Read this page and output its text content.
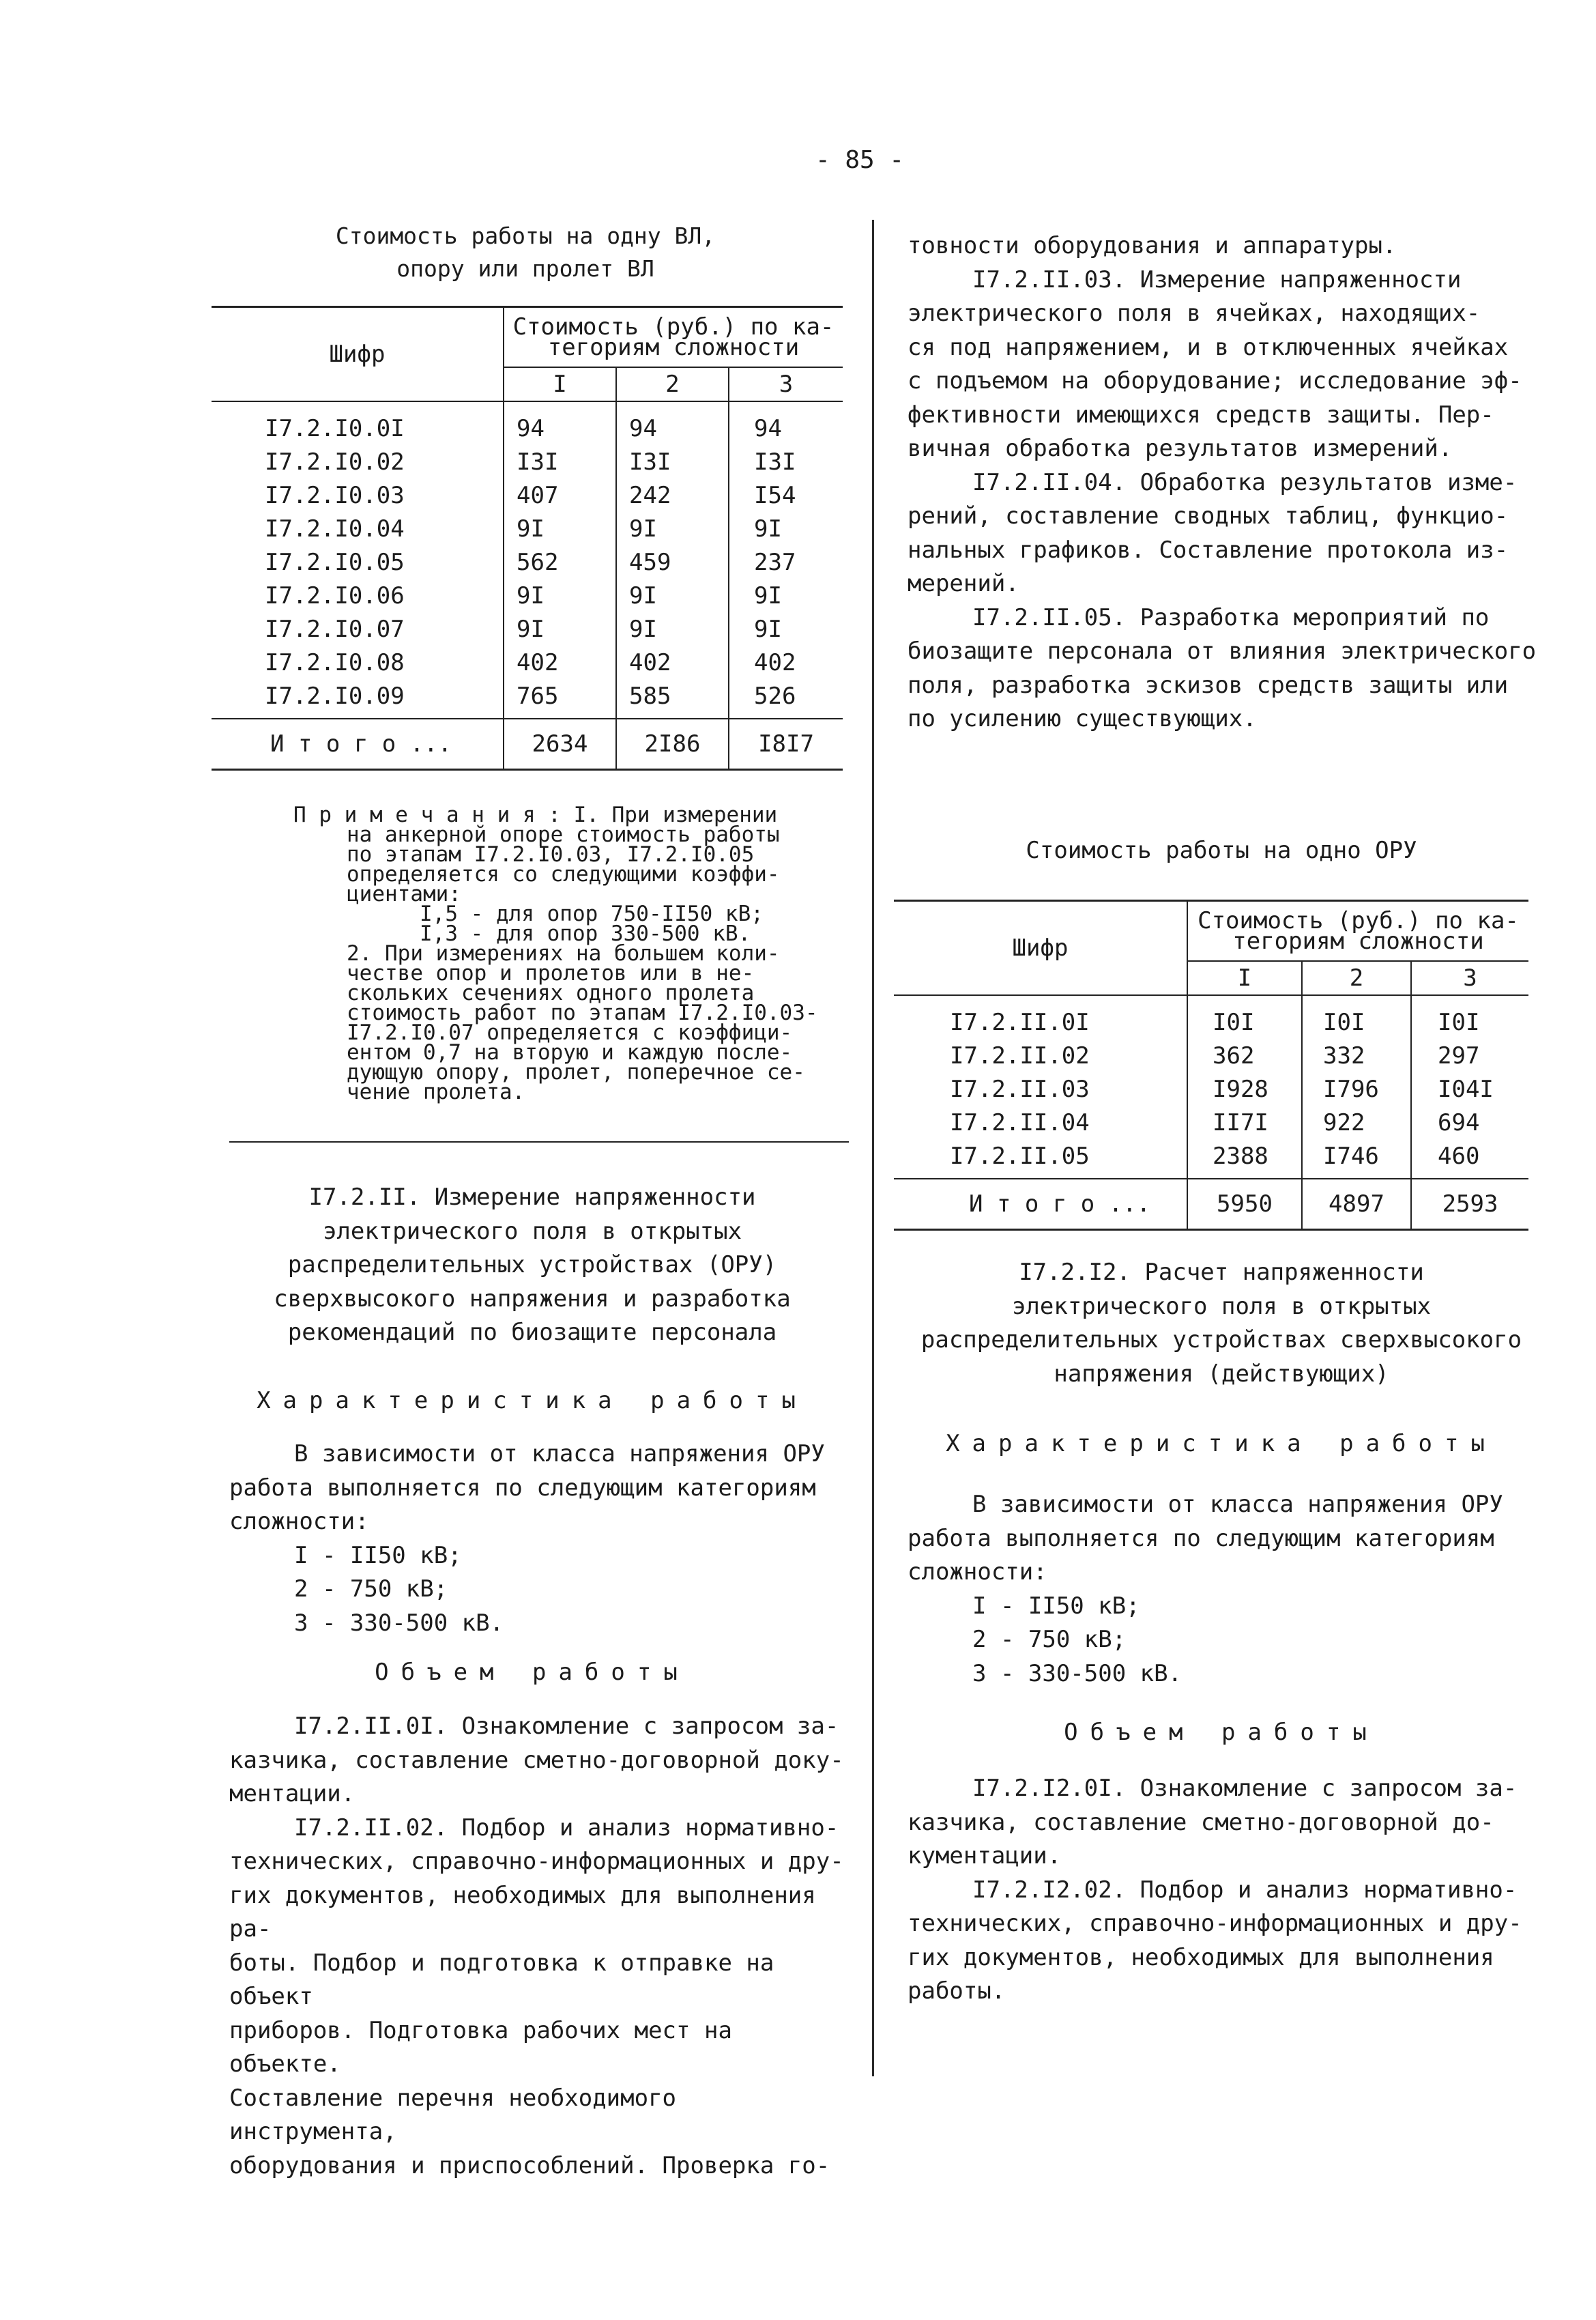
- 85 -

Стоимость работы на одну ВЛ,

опору или пролет ВЛ

Шифр	Стоимость (руб.) по ка-
тегориям сложности		

	I	2	3

I7.2.I0.0I	94	94	94
I7.2.I0.02	I3I	I3I	I3I
I7.2.I0.03	407	242	I54
I7.2.I0.04	9I	9I	9I
I7.2.I0.05	562	459	237
I7.2.I0.06	9I	9I	9I
I7.2.I0.07	9I	9I	9I
I7.2.I0.08	402	402	402
I7.2.I0.09	765	585	526

И т о г о ...	2634	2I86	I8I7
П р и м е ч а н и я : I. При измерении
на анкерной опоре стоимость работы
по этапам I7.2.I0.03, I7.2.I0.05
определяется со следующими коэффи-
циентами:
I,5 - для опор 750-II50 кВ;
I,3 - для опор 330-500 кВ.
2. При измерениях на большем коли-
честве опор и пролетов или в не-
скольких сечениях одного пролета
стоимость работ по этапам I7.2.I0.03-
I7.2.I0.07 определяется с коэффици-
ентом 0,7 на вторую и каждую после-
дующую опору, пролет, поперечное се-
чение пролета.

I7.2.II. Измерение напряженности

электрического поля в открытых

распределительных устройствах (ОРУ)

сверхвысокого напряжения и разработка

рекомендаций по биозащите персонала

Характеристика работы

В зависимости от класса напряжения ОРУ

работа выполняется по следующим категориям

сложности:

I - II50 кВ;

2 - 750 кВ;

3 - 330-500 кВ.

Объем работы

I7.2.II.0I. Ознакомление с запросом за-

казчика, составление сметно-договорной доку-

ментации.

I7.2.II.02. Подбор и анализ нормативно-

технических, справочно-информационных и дру-

гих документов, необходимых для выполнения ра-

боты. Подбор и подготовка к отправке на объект

приборов. Подготовка рабочих мест на объекте.

Составление перечня необходимого инструмента,

оборудования и приспособлений. Проверка го-

товности оборудования и аппаратуры.

I7.2.II.03. Измерение напряженности

электрического поля в ячейках, находящих-

ся под напряжением, и в отключенных ячейках

с подъемом на оборудование; исследование эф-

фективности имеющихся средств защиты. Пер-

вичная обработка результатов измерений.

I7.2.II.04. Обработка результатов изме-

рений, составление сводных таблиц, функцио-

нальных графиков. Составление протокола из-

мерений.

I7.2.II.05. Разработка мероприятий по

биозащите персонала от влияния электрического

поля, разработка эскизов средств защиты или

по усилению существующих.

Стоимость работы на одно ОРУ
Шифр	Стоимость (руб.) по ка-
тегориям сложности		

	I	2	3

I7.2.II.0I	I0I	I0I	I0I
I7.2.II.02	362	332	297
I7.2.II.03	I928	I796	I04I
I7.2.II.04	II7I	922	694
I7.2.II.05	2388	I746	460

И т о г о ...	5950	4897	2593

I7.2.I2. Расчет напряженности

электрического поля в открытых

распределительных устройствах сверхвысокого

напряжения (действующих)

Характеристика работы

В зависимости от класса напряжения ОРУ

работа выполняется по следующим категориям

сложности:

I - II50 кВ;

2 - 750 кВ;

3 - 330-500 кВ.

Объем работы

I7.2.I2.0I. Ознакомление с запросом за-

казчика, составление сметно-договорной до-

кументации.

I7.2.I2.02. Подбор и анализ нормативно-

технических, справочно-информационных и дру-

гих документов, необходимых для выполнения

работы.
